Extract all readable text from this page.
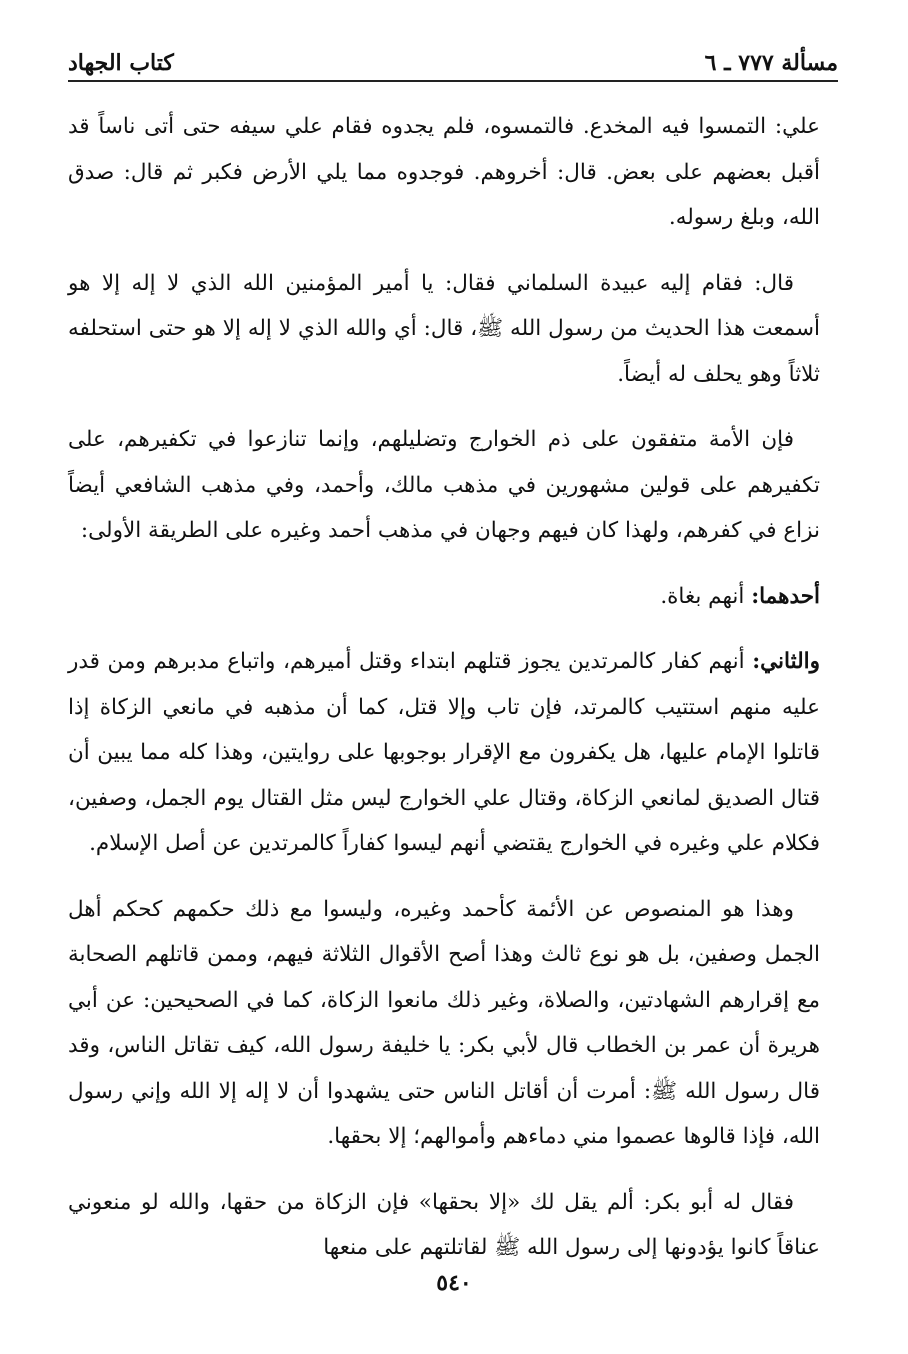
مسألة ٧٧٧ ـ ٦
كتاب الجهاد

علي: التمسوا فيه المخدع. فالتمسوه، فلم يجدوه فقام علي سيفه حتى أتى ناساً قد أقبل بعضهم على بعض. قال: أخروهم. فوجدوه مما يلي الأرض فكبر ثم قال: صدق الله، وبلغ رسوله.

قال: فقام إليه عبيدة السلماني فقال: يا أمير المؤمنين الله الذي لا إله إلا هو أسمعت هذا الحديث من رسول الله ﷺ، قال: أي والله الذي لا إله إلا هو حتى استحلفه ثلاثاً وهو يحلف له أيضاً.

فإن الأمة متفقون على ذم الخوارج وتضليلهم، وإنما تنازعوا في تكفيرهم، على تكفيرهم على قولين مشهورين في مذهب مالك، وأحمد، وفي مذهب الشافعي أيضاً نزاع في كفرهم، ولهذا كان فيهم وجهان في مذهب أحمد وغيره على الطريقة الأولى:

أحدهما: أنهم بغاة.

والثاني: أنهم كفار كالمرتدين يجوز قتلهم ابتداء وقتل أميرهم، واتباع مدبرهم ومن قدر عليه منهم استتيب كالمرتد، فإن تاب وإلا قتل، كما أن مذهبه في مانعي الزكاة إذا قاتلوا الإمام عليها، هل يكفرون مع الإقرار بوجوبها على روايتين، وهذا كله مما يبين أن قتال الصديق لمانعي الزكاة، وقتال علي الخوارج ليس مثل القتال يوم الجمل، وصفين، فكلام علي وغيره في الخوارج يقتضي أنهم ليسوا كفاراً كالمرتدين عن أصل الإسلام.

وهذا هو المنصوص عن الأئمة كأحمد وغيره، وليسوا مع ذلك حكمهم كحكم أهل الجمل وصفين، بل هو نوع ثالث وهذا أصح الأقوال الثلاثة فيهم، وممن قاتلهم الصحابة مع إقرارهم الشهادتين، والصلاة، وغير ذلك مانعوا الزكاة، كما في الصحيحين: عن أبي هريرة أن عمر بن الخطاب قال لأبي بكر: يا خليفة رسول الله، كيف تقاتل الناس، وقد قال رسول الله ﷺ: أمرت أن أقاتل الناس حتى يشهدوا أن لا إله إلا الله وإني رسول الله، فإذا قالوها عصموا مني دماءهم وأموالهم؛ إلا بحقها.

فقال له أبو بكر: ألم يقل لك «إلا بحقها» فإن الزكاة من حقها، والله لو منعوني عناقاً كانوا يؤدونها إلى رسول الله ﷺ لقاتلتهم على منعها

٥٤٠
